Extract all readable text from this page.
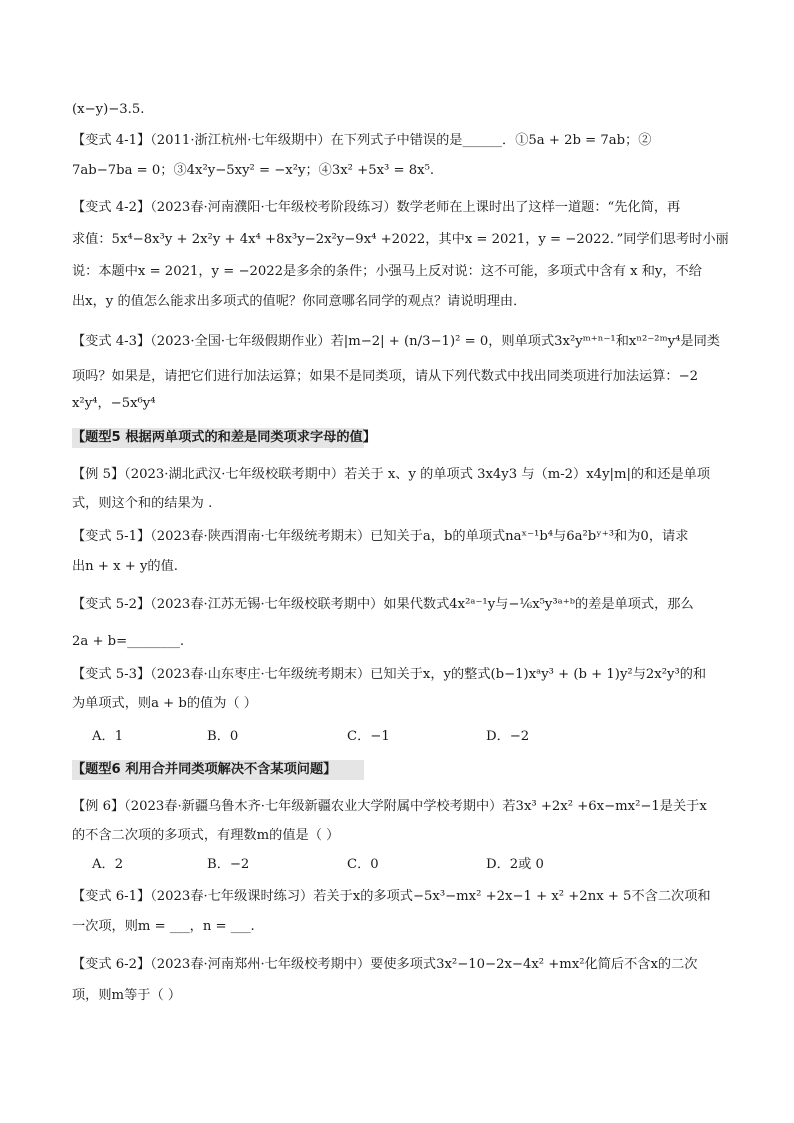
(x−y)−3.5.
【变式 4-1】（2011·浙江杭州·七年级期中）在下列式子中错误的是______．①5a + 2b = 7ab；②
7ab−7ba = 0；③4x²y−5xy² = −x²y；④3x² +5x³ = 8x⁵.
【变式 4-2】（2023春·河南濮阳·七年级校考阶段练习）数学老师在上课时出了这样一道题：“先化简，再
求值：5x⁴−8x³y + 2x²y + 4x⁴ +8x³y−2x²y−9x⁴ +2022，其中x = 2021，y = −2022．”同学们思考时小丽
说：本题中x = 2021，y = −2022是多余的条件；小强马上反对说：这不可能，多项式中含有 x 和y，不给
出x，y 的值怎么能求出多项式的值呢？你同意哪名同学的观点？请说明理由．
【变式 4-3】（2023·全国·七年级假期作业）若|m−2| + (n/3−1)² = 0，则单项式3x²yᵐ⁺ⁿ⁻¹和xⁿ²⁻²ᵐy⁴是同类
项吗？如果是，请把它们进行加法运算；如果不是同类项，请从下列代数式中找出同类项进行加法运算：−2
x²y⁴，−5x⁶y⁴
【题型5 根据两单项式的和差是同类项求字母的值】
【例 5】（2023·湖北武汉·七年级校联考期中）若关于 x、y 的单项式 3x4y3 与（m-2）x4y|m|的和还是单项
式，则这个和的结果为 .
【变式 5-1】（2023春·陕西渭南·七年级统考期末）已知关于a，b的单项式naˣ⁻¹b⁴与6a²bʸ⁺³和为0，请求
出n + x + y的值.
【变式 5-2】（2023春·江苏无锡·七年级校联考期中）如果代数式4x²ᵃ⁻¹y与−⅙x⁵y³ᵃ⁺ᵇ的差是单项式，那么
2a + b=________.
【变式 5-3】（2023春·山东枣庄·七年级统考期末）已知关于x，y的整式(b−1)xᵃy³ + (b + 1)y²与2x²y³的和
为单项式，则a + b的值为（ ）
A．1	B．0	C．−1	D．−2
【题型6 利用合并同类项解决不含某项问题】
【例 6】（2023春·新疆乌鲁木齐·七年级新疆农业大学附属中学校考期中）若3x³ +2x² +6x−mx²−1是关于x
的不含二次项的多项式，有理数m的值是（ ）
A．2	B．−2	C．0	D．2或 0
【变式 6-1】（2023春·七年级课时练习）若关于x的多项式−5x³−mx² +2x−1 + x² +2nx + 5不含二次项和
一次项，则m = ___，n = ___.
【变式 6-2】（2023春·河南郑州·七年级校考期中）要使多项式3x²−10−2x−4x² +mx²化简后不含x的二次
项，则m等于（ ）
